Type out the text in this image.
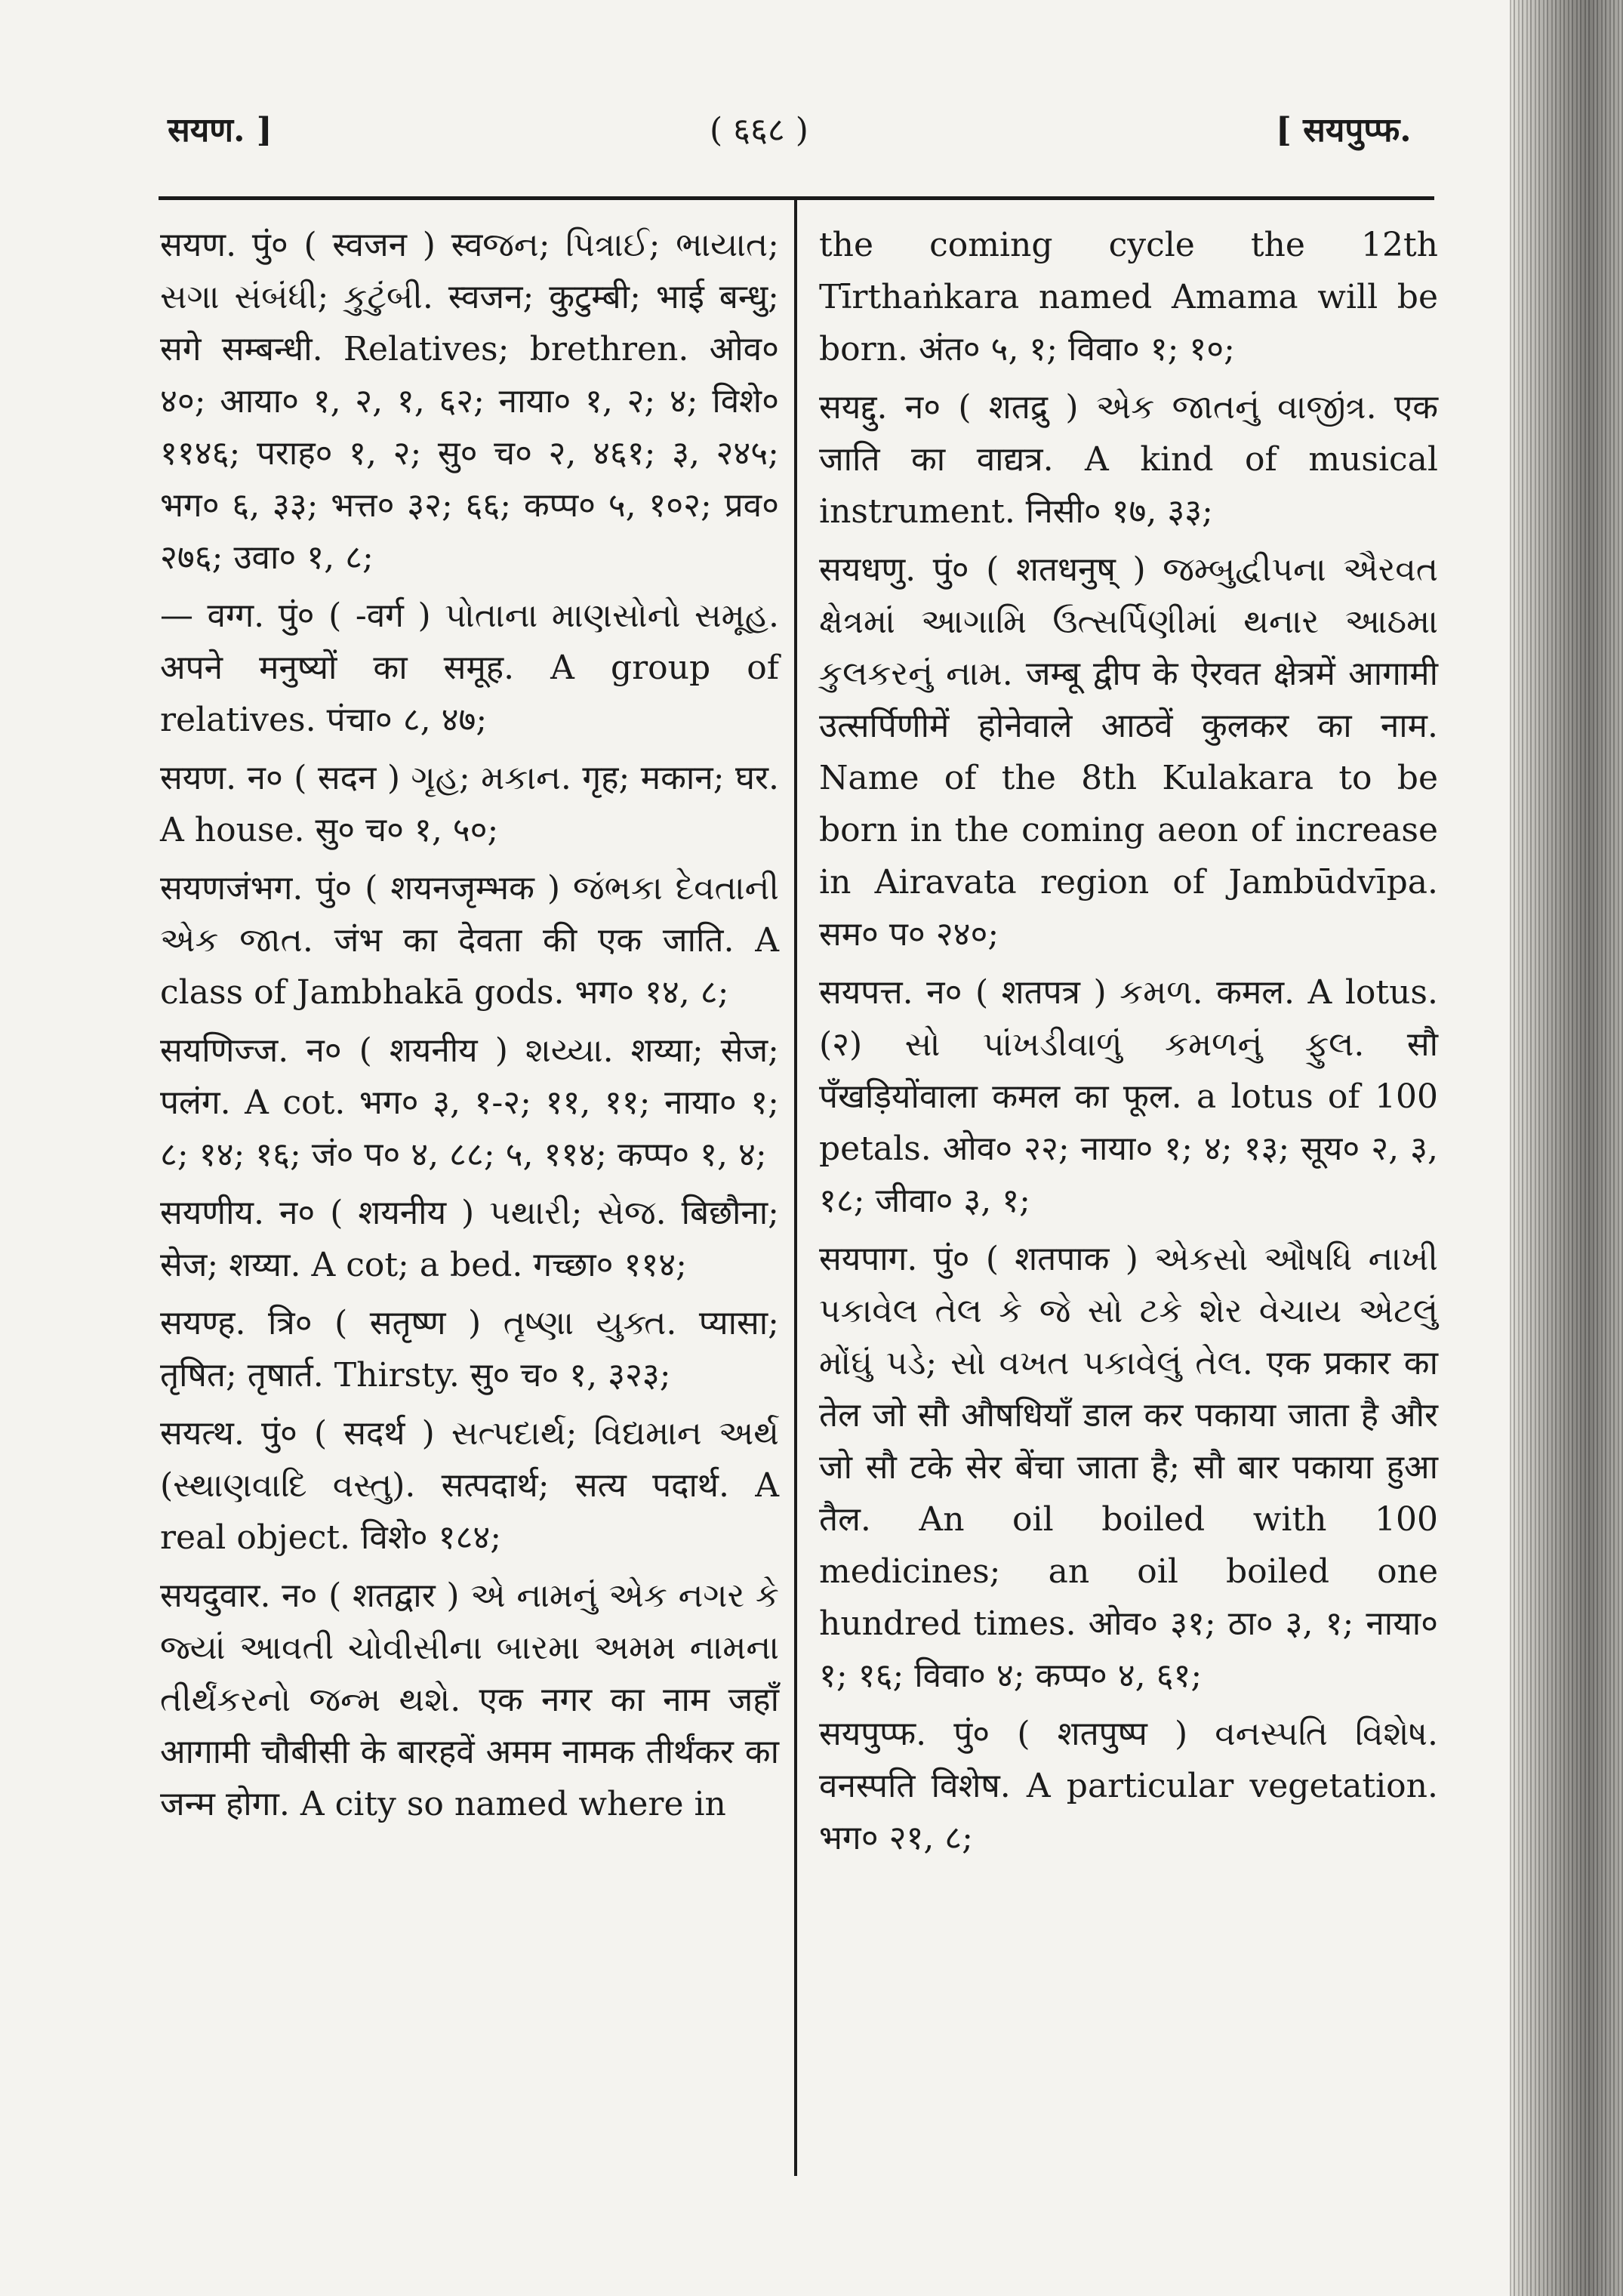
सयण. ]	( ६६८ )	[ सयपुप्फ.

सयण. पुं० ( स्वजन ) स्वજન; પિત્રાઈ; ભાયાત; સગા સંબંધી; કુટુંબી. स्वजन; कुटुम्बी; भाई बन्धु; सगे सम्बन्धी. Relatives; brethren. ओव० ४०; आया० १, २, १, ६२; नाया० १, २; ४; विशे० ११४६; पराह० १, २; सु० च० २, ४६१; ३, २४५; भग० ६, ३३; भत्त० ३२; ६६; कप्प० ५, १०२; प्रव० २७६; उवा० १, ८;

— वग्ग. पुं० ( -वर्ग ) પોતાના માણસોનો સમૂહ. अपने मनुष्यों का समूह. A group of relatives. पंचा० ८, ४७;

सयण. न० ( सदन ) ગૃહ; મકાન. गृह; मकान; घर. A house. सु० च० १, ५०;

सयणजंभग. पुं० ( शयनजृम्भक ) જંભકા દેવતાની એક જાત. जंभ का देवता की एक जाति. A class of Jambhakā gods. भग० १४, ८;

सयणिज्ज. न० ( शयनीय ) શય્યા. शय्या; सेज; पलंग. A cot. भग० ३, १-२; ११, ११; नाया० १; ८; १४; १६; जं० प० ४, ८८; ५, ११४; कप्प० १, ४;

सयणीय. न० ( शयनीय ) પથારી; સેજ. बिछौना; सेज; शय्या. A cot; a bed. गच्छा० ११४;

सयण्ह. त्रि० ( सतृष्ण ) તૃષ્ણા યુક્ત. प्यासा; तृषित; तृषार्त. Thirsty. सु० च० १, ३२३;

सयत्थ. पुं० ( सदर्थ ) સત્પદાર્થ; વિદ્યમાન અર્થ (સ્થાણવાદિ વસ્તુ). सत्पदार्थ; सत्य पदार्थ. A real object. विशे० १८४;

सयदुवार. न० ( शतद्वार ) એ નામનું એક નગર કે જ્યાં આવતી ચોવીસીના બારમા અમમ નામના તીર્થંકરનો જન્મ થશે. एक नगर का नाम जहाँ आगामी चौबीसी के बारहवें अमम नामक तीर्थंकर का जन्म होगा. A city so named where in

the coming cycle the 12th Tīrthaṅkara named Amama will be born. अंत० ५, १; विवा० १; १०;

सयद्दु. न० ( शतद्रु ) એક જાતનું વાજીંત્ર. एक जाति का वाद्यत्र. A kind of musical instrument. निसी० १७, ३३;

सयधणु. पुं० ( शतधनुष् ) જમ્બુદ્વીપના ઐરવત ક્ષેત્રમાં આગામિ ઉત્સર્પિણીમાં થનાર આઠમા કુલકરનું નામ. जम्बू द्वीप के ऐरवत क्षेत्रमें आगामी उत्सर्पिणीमें होनेवाले आठवें कुलकर का नाम. Name of the 8th Kulakara to be born in the coming aeon of increase in Airavata region of Jambūdvīpa. सम० प० २४०;

सयपत्त. न० ( शतपत्र ) કમળ. कमल. A lotus. (२) સો પાંખડીવાળું કમળનું ફુલ. सौ पँखड़ियोंवाला कमल का फूल. a lotus of 100 petals. ओव० २२; नाया० १; ४; १३; सूय० २, ३, १८; जीवा० ३, १;

सयपाग. पुं० ( शतपाक ) એકસો ઔષધિ નાખી પકાવેલ તેલ કે જે સો ટકે શેર વેચાય એટલું મોંઘું પડે; સો વખત પકાવેલું તેલ. एक प्रकार का तेल जो सौ औषधियाँ डाल कर पकाया जाता है और जो सौ टके सेर बेंचा जाता है; सौ बार पकाया हुआ तैल. An oil boiled with 100 medicines; an oil boiled one hundred times. ओव० ३१; ठा० ३, १; नाया० १; १६; विवा० ४; कप्प० ४, ६१;

सयपुप्फ. पुं० ( शतपुष्प ) વનસ્પતિ વિશેષ. वनस्पति विशेष. A particular vegetation. भग० २१, ८;
